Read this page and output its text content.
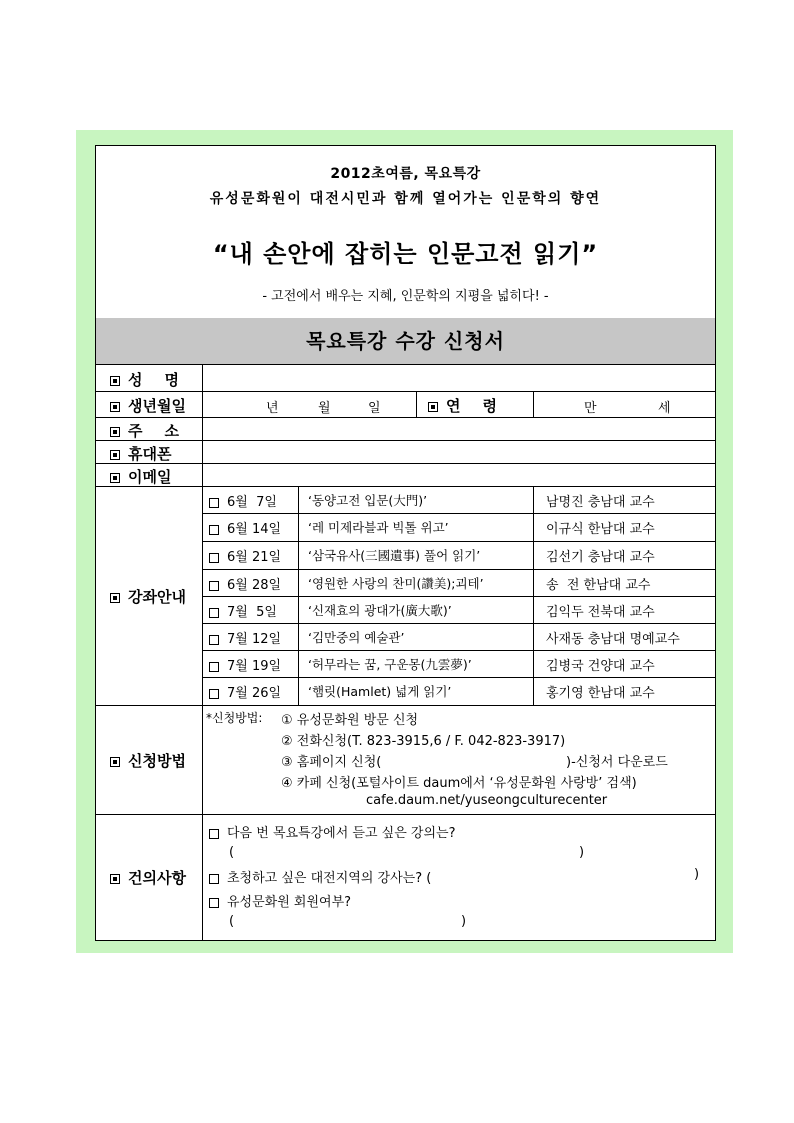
2012초여름, 목요특강
유성문화원이 대전시민과 함께 열어가는 인문학의 향연
“내 손안에 잡히는 인문고전 읽기”
- 고전에서 배우는 지혜, 인문학의 지평을 넓히다! -
목요특강 수강 신청서
성명
생년월일	년	월	일	연령	만	세
주소
휴대폰
이메일
강좌안내
6월  7일 ‘동양고전 입문(大門)’	남명진 충남대 교수
6월 14일 ‘레 미제라블과 빅톨 위고’	이규식 한남대 교수
6월 21일 ‘삼국유사(三國遺事) 풀어 읽기’	김선기 충남대 교수
6월 28일 ‘영원한 사랑의 찬미(讚美);괴테’	송  전 한남대 교수
7월  5일 ‘신재효의 광대가(廣大歌)’	김익두 전북대 교수
7월 12일 ‘김만중의 예술관’	사재동 충남대 명예교수
7월 19일 ‘허무라는 꿈, 구운몽(九雲夢)’	김병국 건양대 교수
7월 26일 ‘햄릿(Hamlet) 넓게 읽기’	홍기영 한남대 교수
신청방법
*신청방법: ① 유성문화원 방문 신청
② 전화신청(T. 823-3915,6 / F. 042-823-3917)
③ 홈페이지 신청(	)-신청서 다운로드
④ 카페 신청(포털사이트 daum에서 ‘유성문화원 사랑방’ 검색)
cafe.daum.net/yuseongculturecenter
건의사항
다음 번 목요특강에서 듣고 싶은 강의는?
(	)
초청하고 싶은 대전지역의 강사는? (	)
유성문화원 회원여부?
(	)
